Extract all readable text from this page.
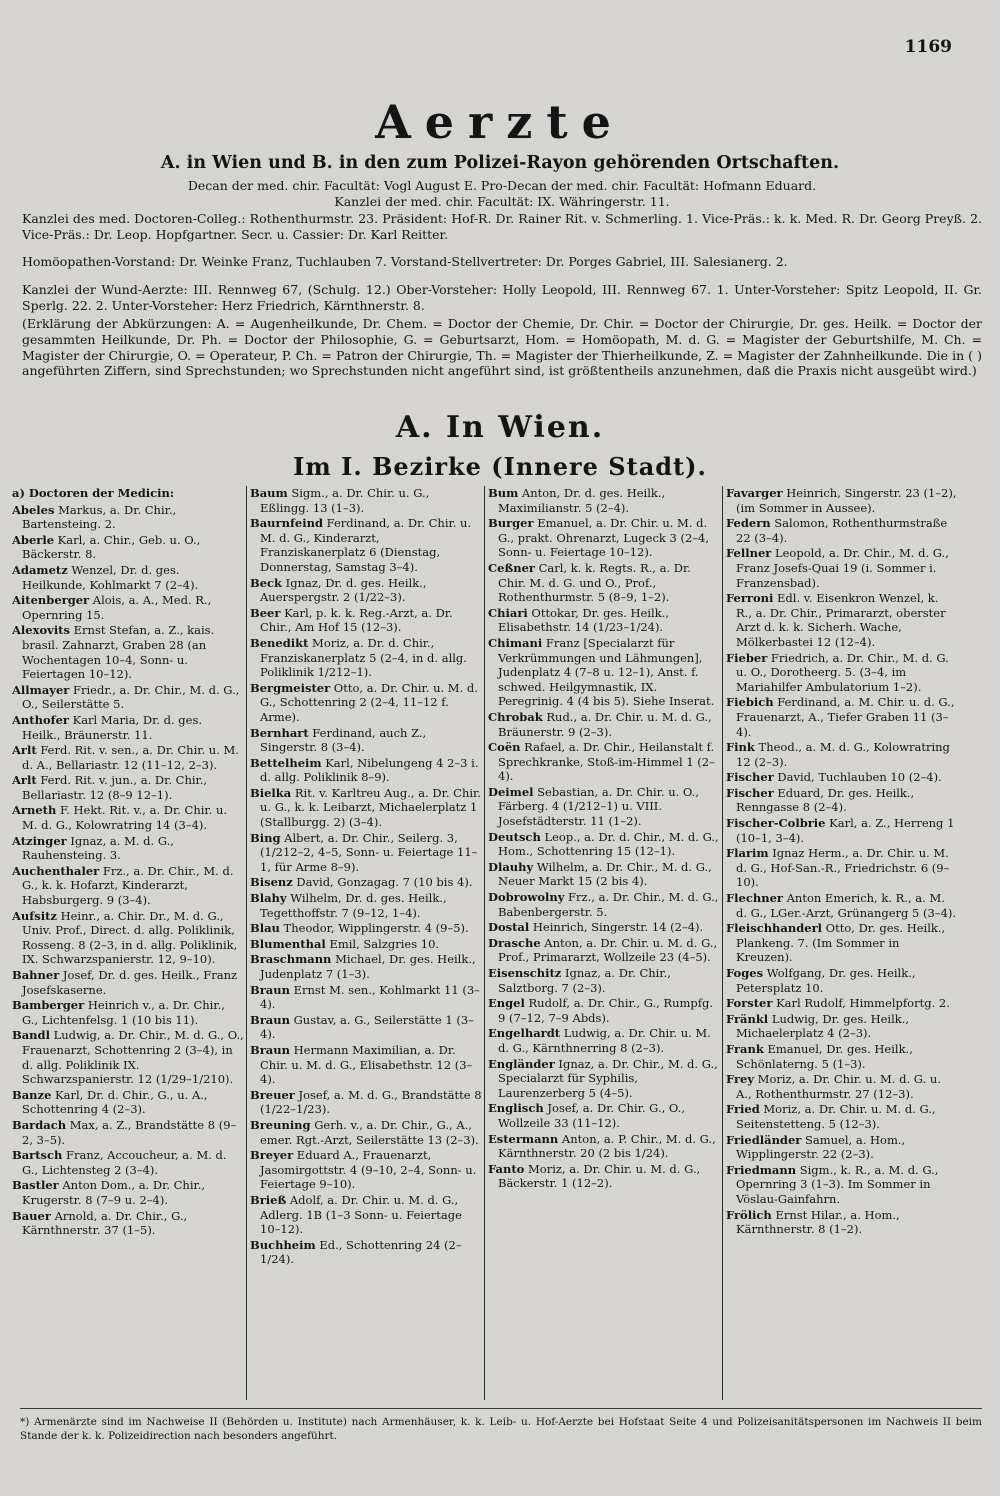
1169
Aerzte
A. in Wien und B. in den zum Polizei-Rayon gehörenden Ortschaften.
Decan der med. chir. Facultät: Vogl August E. Pro-Decan der med. chir. Facultät: Hofmann Eduard.
Kanzlei der med. chir. Facultät: IX. Währingerstr. 11.
Kanzlei des med. Doctoren-Colleg.: Rothenthurmstr. 23. Präsident: Hof-R. Dr. Rainer Rit. v. Schmerling. 1. Vice-Präs.: k. k. Med. R. Dr. Georg Preyß. 2. Vice-Präs.: Dr. Leop. Hopfgartner. Secr. u. Cassier: Dr. Karl Reitter.
Homöopathen-Vorstand: Dr. Weinke Franz, Tuchlauben 7. Vorstand-Stellvertreter: Dr. Porges Gabriel, III. Salesianerg. 2.
Kanzlei der Wund-Aerzte: III. Rennweg 67, (Schulg. 12.) Ober-Vorsteher: Holly Leopold, III. Rennweg 67. 1. Unter-Vorsteher: Spitz Leopold, II. Gr. Sperlg. 22. 2. Unter-Vorsteher: Herz Friedrich, Kärnthnerstr. 8.
(Erklärung der Abkürzungen: A. = Augenheilkunde, Dr. Chem. = Doctor der Chemie, Dr. Chir. = Doctor der Chirurgie, Dr. ges. Heilk. = Doctor der gesammten Heilkunde, Dr. Ph. = Doctor der Philosophie, G. = Geburtsarzt, Hom. = Homöopath, M. d. G. = Magister der Geburtshilfe, M. Ch. = Magister der Chirurgie, O. = Operateur, P. Ch. = Patron der Chirurgie, Th. = Magister der Thierheilkunde, Z. = Magister der Zahnheilkunde. Die in ( ) angeführten Ziffern, sind Sprechstunden; wo Sprechstunden nicht angeführt sind, ist größtentheils anzunehmen, daß die Praxis nicht ausgeübt wird.)
A. In Wien.
Im I. Bezirke (Innere Stadt).
a) Doctoren der Medicin:
Abeles Markus, a. Dr. Chir., Bartensteing. 2.
Aberle Karl, a. Chir., Geb. u. O., Bäckerstr. 8.
Adametz Wenzel, Dr. d. ges. Heilkunde, Kohlmarkt 7 (2–4).
Aitenberger Alois, a. A., Med. R., Opernring 15.
Alexovits Ernst Stefan, a. Z., kais. brasil. Zahnarzt, Graben 28 (an Wochentagen 10–4, Sonn- u. Feiertagen 10–12).
Allmayer Friedr., a. Dr. Chir., M. d. G., O., Seilerstätte 5.
Anthofer Karl Maria, Dr. d. ges. Heilk., Bräunerstr. 11.
Arlt Ferd. Rit. v. sen., a. Dr. Chir. u. M. d. A., Bellariastr. 12 (11–12, 2–3).
Arlt Ferd. Rit. v. jun., a. Dr. Chir., Bellariastr. 12 (8–9 12–1).
Arneth F. Hekt. Rit. v., a. Dr. Chir. u. M. d. G., Kolowratring 14 (3–4).
Atzinger Ignaz, a. M. d. G., Rauhensteing. 3.
Auchenthaler Frz., a. Dr. Chir., M. d. G., k. k. Hofarzt, Kinderarzt, Habsburgerg. 9 (3–4).
Aufsitz Heinr., a. Chir. Dr., M. d. G., Univ. Prof., Direct. d. allg. Poliklinik, Rosseng. 8 (2–3, in d. allg. Poliklinik, IX. Schwarzspanierstr. 12, 9–10).
Bahner Josef, Dr. d. ges. Heilk., Franz Josefskaserne.
Bamberger Heinrich v., a. Dr. Chir., G., Lichtenfelsg. 1 (10 bis 11).
Bandl Ludwig, a. Dr. Chir., M. d. G., O., Frauenarzt, Schottenring 2 (3–4), in d. allg. Poliklinik IX. Schwarzspanierstr. 12 (1/29–1/210).
Banze Karl, Dr. d. Chir., G., u. A., Schottenring 4 (2–3).
Bardach Max, a. Z., Brandstätte 8 (9–2, 3–5).
Bartsch Franz, Accoucheur, a. M. d. G., Lichtensteg 2 (3–4).
Bastler Anton Dom., a. Dr. Chir., Krugerstr. 8 (7–9 u. 2–4).
Bauer Arnold, a. Dr. Chir., G., Kärnthnerstr. 37 (1–5).
Baum Sigm., a. Dr. Chir. u. G., Eßlingg. 13 (1–3).
Baurnfeind Ferdinand, a. Dr. Chir. u. M. d. G., Kinderarzt, Franziskanerplatz 6 (Dienstag, Donnerstag, Samstag 3–4).
Beck Ignaz, Dr. d. ges. Heilk., Auerspergstr. 2 (1/22–3).
Beer Karl, p. k. k. Reg.-Arzt, a. Dr. Chir., Am Hof 15 (12–3).
Benedikt Moriz, a. Dr. d. Chir., Franziskanerplatz 5 (2–4, in d. allg. Poliklinik 1/212–1).
Bergmeister Otto, a. Dr. Chir. u. M. d. G., Schottenring 2 (2–4, 11–12 f. Arme).
Bernhart Ferdinand, auch Z., Singerstr. 8 (3–4).
Bettelheim Karl, Nibelungeng 4 2–3 i. d. allg. Poliklinik 8–9).
Bielka Rit. v. Karltreu Aug., a. Dr. Chir. u. G., k. k. Leibarzt, Michaelerplatz 1 (Stallburgg. 2) (3–4).
Bing Albert, a. Dr. Chir., Seilerg. 3, (1/212–2, 4–5, Sonn- u. Feiertage 11–1, für Arme 8–9).
Bisenz David, Gonzagag. 7 (10 bis 4).
Blahy Wilhelm, Dr. d. ges. Heilk., Tegetthoffstr. 7 (9–12, 1–4).
Blau Theodor, Wipplingerstr. 4 (9–5).
Blumenthal Emil, Salzgries 10.
Braschmann Michael, Dr. ges. Heilk., Judenplatz 7 (1–3).
Braun Ernst M. sen., Kohlmarkt 11 (3–4).
Braun Gustav, a. G., Seilerstätte 1 (3–4).
Braun Hermann Maximilian, a. Dr. Chir. u. M. d. G., Elisabethstr. 12 (3–4).
Breuer Josef, a. M. d. G., Brandstätte 8 (1/22–1/23).
Breuning Gerh. v., a. Dr. Chir., G., A., emer. Rgt.-Arzt, Seilerstätte 13 (2–3).
Breyer Eduard A., Frauenarzt, Jasomirgottstr. 4 (9–10, 2–4, Sonn- u. Feiertage 9–10).
Brieß Adolf, a. Dr. Chir. u. M. d. G., Adlerg. 1B (1–3 Sonn- u. Feiertage 10–12).
Buchheim Ed., Schottenring 24 (2–1/24).
Bum Anton, Dr. d. ges. Heilk., Maximilianstr. 5 (2–4).
Burger Emanuel, a. Dr. Chir. u. M. d. G., prakt. Ohrenarzt, Lugeck 3 (2–4, Sonn- u. Feiertage 10–12).
Ceßner Carl, k. k. Regts. R., a. Dr. Chir. M. d. G. und O., Prof., Rothenthurmstr. 5 (8–9, 1–2).
Chiari Ottokar, Dr. ges. Heilk., Elisabethstr. 14 (1/23–1/24).
Chimani Franz [Specialarzt für Verkrümmungen und Lähmungen], Judenplatz 4 (7–8 u. 12–1), Anst. f. schwed. Heilgymnastik, IX. Peregrinig. 4 (4 bis 5). Siehe Inserat.
Chrobak Rud., a. Dr. Chir. u. M. d. G., Bräunerstr. 9 (2–3).
Coën Rafael, a. Dr. Chir., Heilanstalt f. Sprechkranke, Stoß-im-Himmel 1 (2–4).
Deimel Sebastian, a. Dr. Chir. u. O., Färberg. 4 (1/212–1) u. VIII. Josefstädterstr. 11 (1–2).
Deutsch Leop., a. Dr. d. Chir., M. d. G., Hom., Schottenring 15 (12–1).
Dlauhy Wilhelm, a. Dr. Chir., M. d. G., Neuer Markt 15 (2 bis 4).
Dobrowolny Frz., a. Dr. Chir., M. d. G., Babenbergerstr. 5.
Dostal Heinrich, Singerstr. 14 (2–4).
Drasche Anton, a. Dr. Chir. u. M. d. G., Prof., Primararzt, Wollzeile 23 (4–5).
Eisenschitz Ignaz, a. Dr. Chir., Salztborg. 7 (2–3).
Engel Rudolf, a. Dr. Chir., G., Rumpfg. 9 (7–12, 7–9 Abds).
Engelhardt Ludwig, a. Dr. Chir. u. M. d. G., Kärnthnerring 8 (2–3).
Engländer Ignaz, a. Dr. Chir., M. d. G., Specialarzt für Syphilis, Laurenzerberg 5 (4–5).
Englisch Josef, a. Dr. Chir. G., O., Wollzeile 33 (11–12).
Estermann Anton, a. P. Chir., M. d. G., Kärnthnerstr. 20 (2 bis 1/24).
Fanto Moriz, a. Dr. Chir. u. M. d. G., Bäckerstr. 1 (12–2).
Favarger Heinrich, Singerstr. 23 (1–2), (im Sommer in Aussee).
Federn Salomon, Rothenthurmstraße 22 (3–4).
Fellner Leopold, a. Dr. Chir., M. d. G., Franz Josefs-Quai 19 (i. Sommer i. Franzensbad).
Ferroni Edl. v. Eisenkron Wenzel, k. R., a. Dr. Chir., Primararzt, oberster Arzt d. k. k. Sicherh. Wache, Mölkerbastei 12 (12–4).
Fieber Friedrich, a. Dr. Chir., M. d. G. u. O., Dorotheerg. 5. (3–4, im Mariahilfer Ambulatorium 1–2).
Fiebich Ferdinand, a. M. Chir. u. d. G., Frauenarzt, A., Tiefer Graben 11 (3–4).
Fink Theod., a. M. d. G., Kolowratring 12 (2–3).
Fischer David, Tuchlauben 10 (2–4).
Fischer Eduard, Dr. ges. Heilk., Renngasse 8 (2–4).
Fischer-Colbrie Karl, a. Z., Herreng 1 (10–1, 3–4).
Flarim Ignaz Herm., a. Dr. Chir. u. M. d. G., Hof-San.-R., Friedrichstr. 6 (9–10).
Flechner Anton Emerich, k. R., a. M. d. G., LGer.-Arzt, Grünangerg 5 (3–4).
Fleischhanderl Otto, Dr. ges. Heilk., Plankeng. 7. (Im Sommer in Kreuzen).
Foges Wolfgang, Dr. ges. Heilk., Petersplatz 10.
Forster Karl Rudolf, Himmelpfortg. 2.
Fränkl Ludwig, Dr. ges. Heilk., Michaelerplatz 4 (2–3).
Frank Emanuel, Dr. ges. Heilk., Schönlaterng. 5 (1–3).
Frey Moriz, a. Dr. Chir. u. M. d. G. u. A., Rothenthurmstr. 27 (12–3).
Fried Moriz, a. Dr. Chir. u. M. d. G., Seitenstetteng. 5 (12–3).
Friedländer Samuel, a. Hom., Wipplingerstr. 22 (2–3).
Friedmann Sigm., k. R., a. M. d. G., Opernring 3 (1–3). Im Sommer in Vöslau-Gainfahrn.
Frölich Ernst Hilar., a. Hom., Kärnthnerstr. 8 (1–2).
*) Armenärzte sind im Nachweise II (Behörden u. Institute) nach Armenhäuser, k. k. Leib- u. Hof-Aerzte bei Hofstaat Seite 4 und Polizeisanitätspersonen im Nachweis II beim Stande der k. k. Polizeidirection nach besonders angeführt.
